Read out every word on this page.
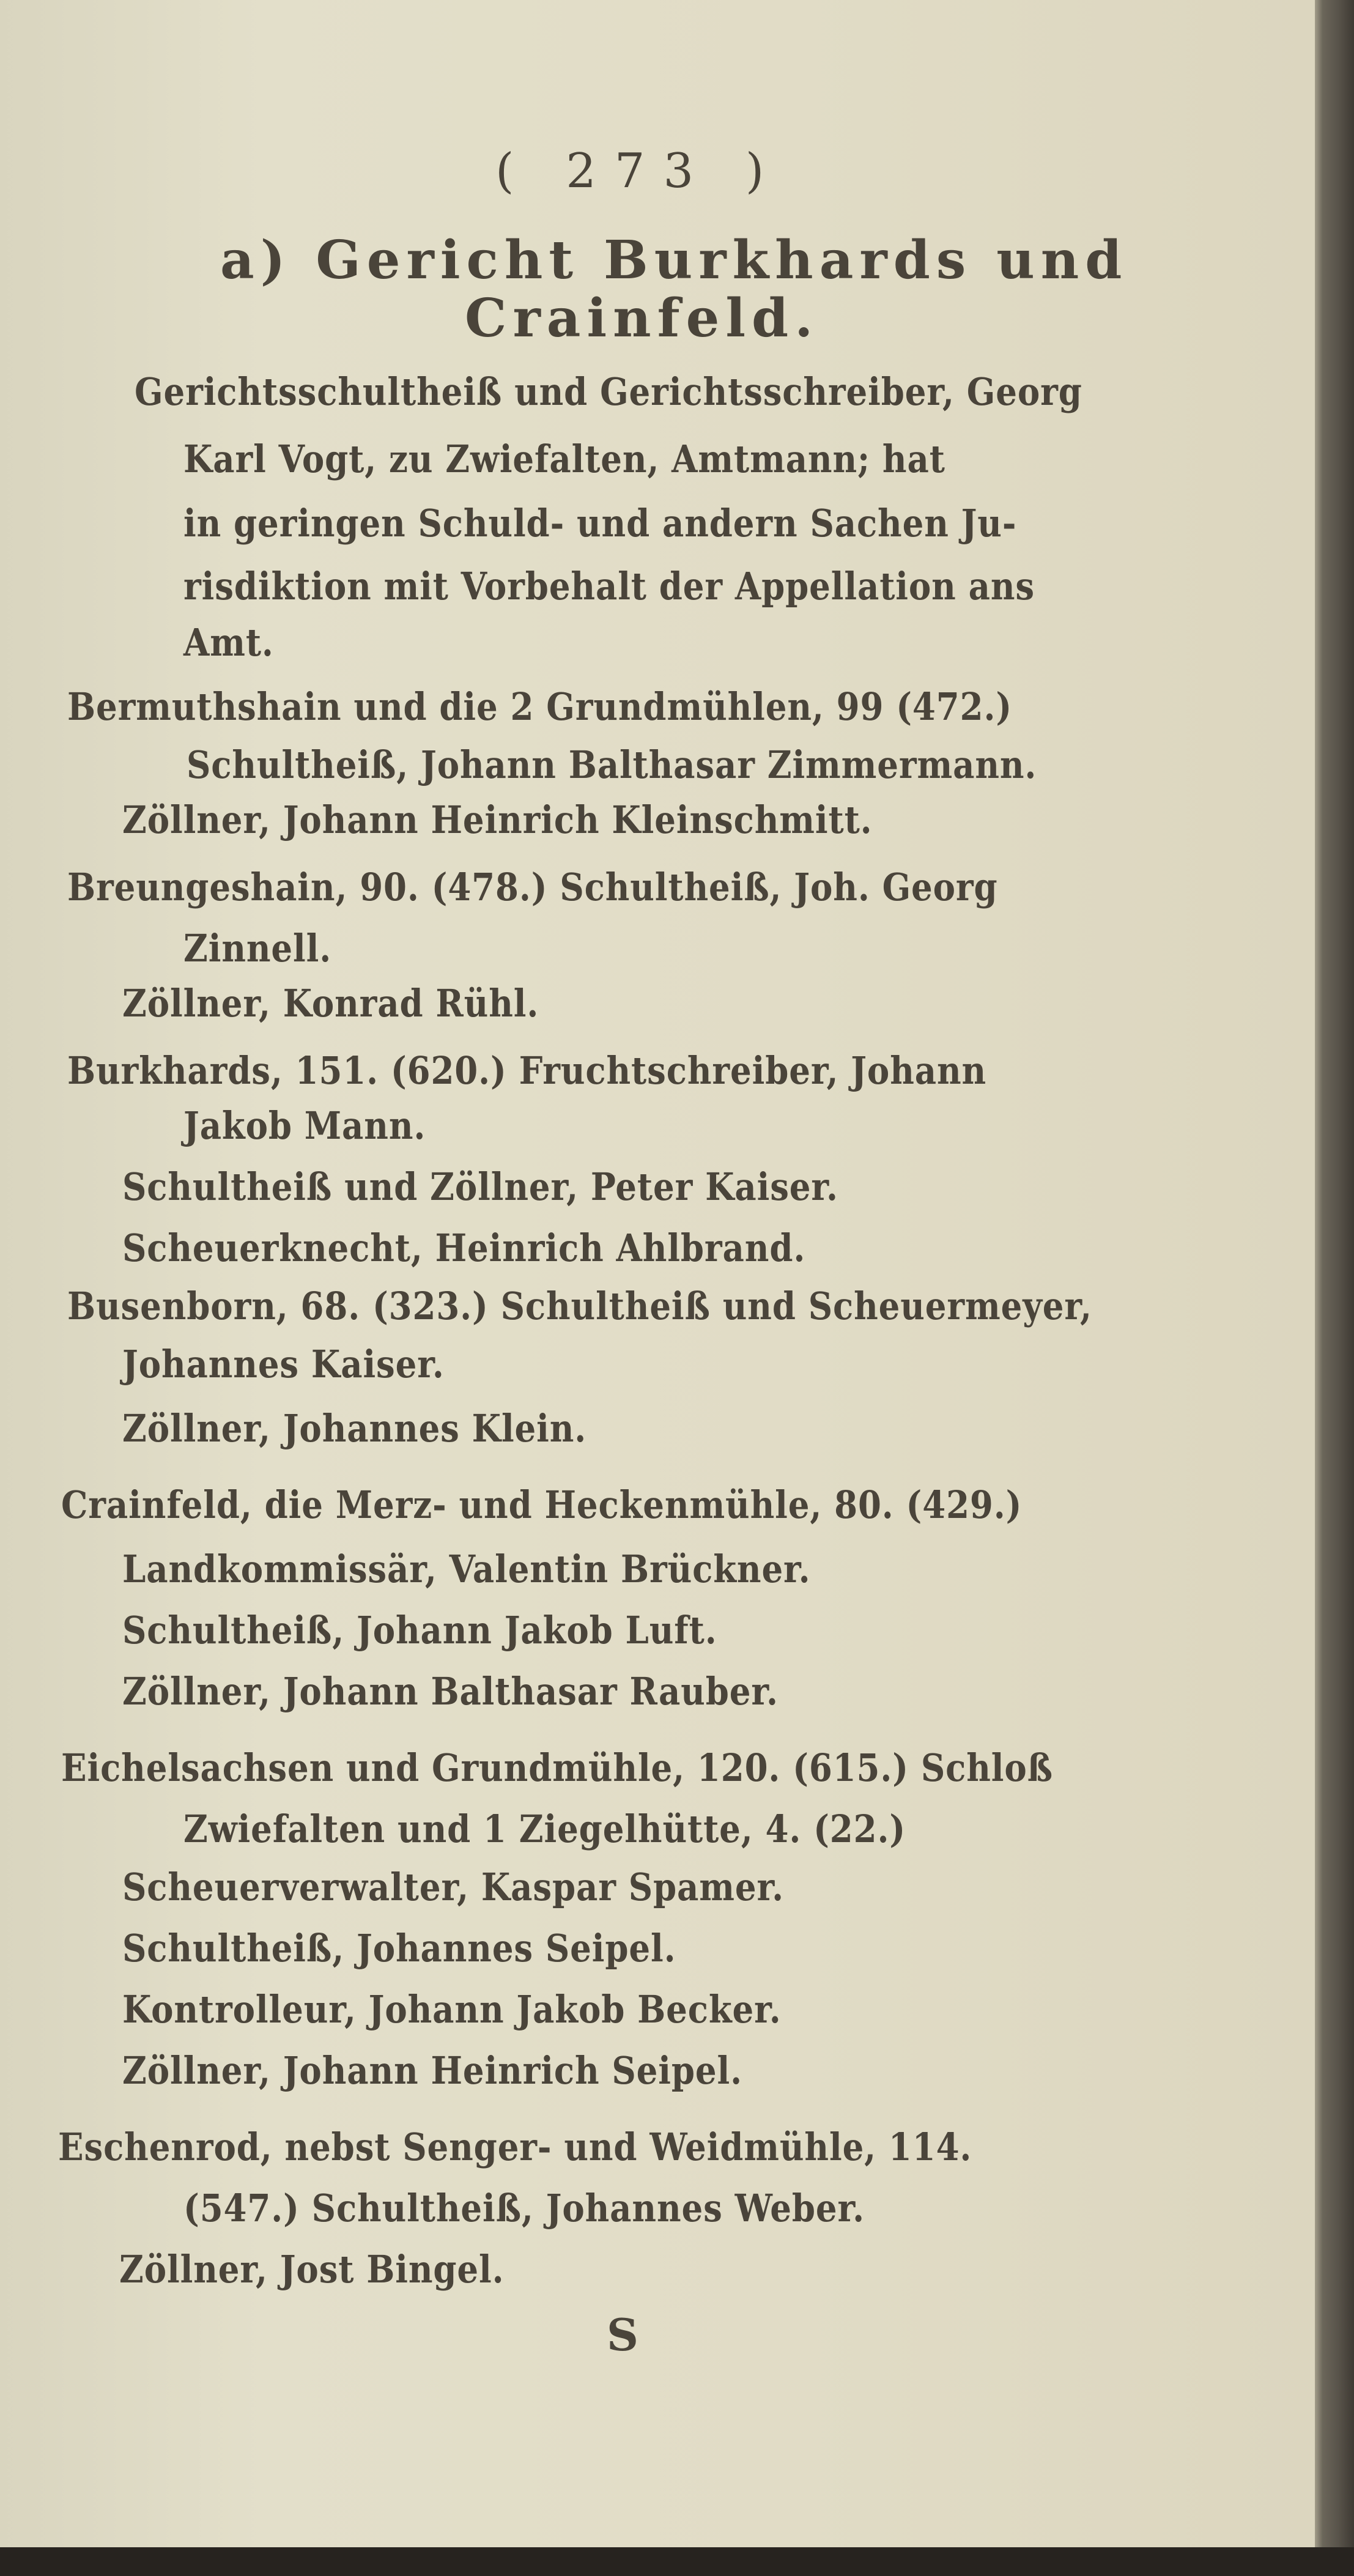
( 273 )
a) Gericht Burkhards und
Crainfeld.
Gerichtsschultheiß und Gerichtsschreiber, Georg
Karl Vogt, zu Zwiefalten, Amtmann; hat
in geringen Schuld- und andern Sachen Ju-
risdiktion mit Vorbehalt der Appellation ans
Amt.
Bermuthshain und die 2 Grundmühlen, 99 (472.)
Schultheiß, Johann Balthasar Zimmermann.
Zöllner, Johann Heinrich Kleinschmitt.
Breungeshain, 90. (478.) Schultheiß, Joh. Georg
Zinnell.
Zöllner, Konrad Rühl.
Burkhards, 151. (620.) Fruchtschreiber, Johann
Jakob Mann.
Schultheiß und Zöllner, Peter Kaiser.
Scheuerknecht, Heinrich Ahlbrand.
Busenborn, 68. (323.) Schultheiß und Scheuermeyer,
Johannes Kaiser.
Zöllner, Johannes Klein.
Crainfeld, die Merz- und Heckenmühle, 80. (429.)
Landkommissär, Valentin Brückner.
Schultheiß, Johann Jakob Luft.
Zöllner, Johann Balthasar Rauber.
Eichelsachsen und Grundmühle, 120. (615.) Schloß
Zwiefalten und 1 Ziegelhütte, 4. (22.)
Scheuerverwalter, Kaspar Spamer.
Schultheiß, Johannes Seipel.
Kontrolleur, Johann Jakob Becker.
Zöllner, Johann Heinrich Seipel.
Eschenrod, nebst Senger- und Weidmühle, 114.
(547.) Schultheiß, Johannes Weber.
Zöllner, Jost Bingel.
S
